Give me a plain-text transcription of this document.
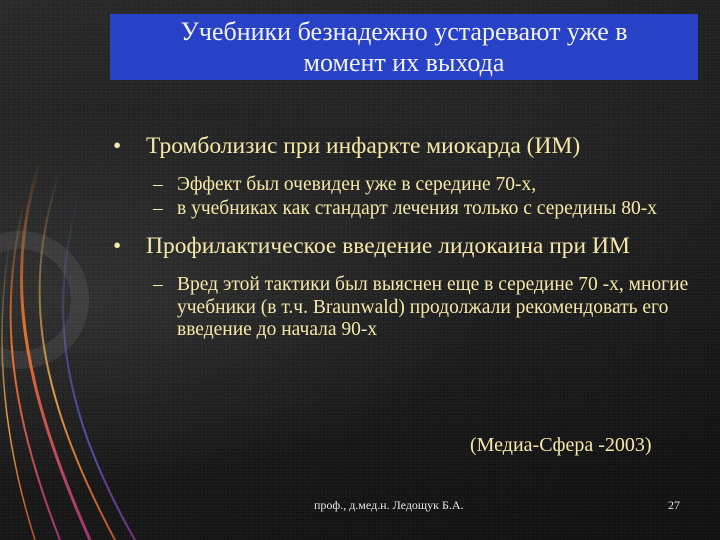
Учебники безнадежно устаревают уже в
момент их выхода
• Тромболизис при инфаркте миокарда (ИМ)
– Эффект был очевиден уже в середине 70-х,
– в учебниках как стандарт лечения только с середины 80-х
• Профилактическое введение лидокаина при ИМ
– Вред этой тактики был выяснен еще в середине 70 -х, многие учебники (в т.ч. Braunwald) продолжали рекомендовать его введение до начала 90-х
(Медиа-Сфера -2003)
проф., д.мед.н. Ледощук Б.А.	27
